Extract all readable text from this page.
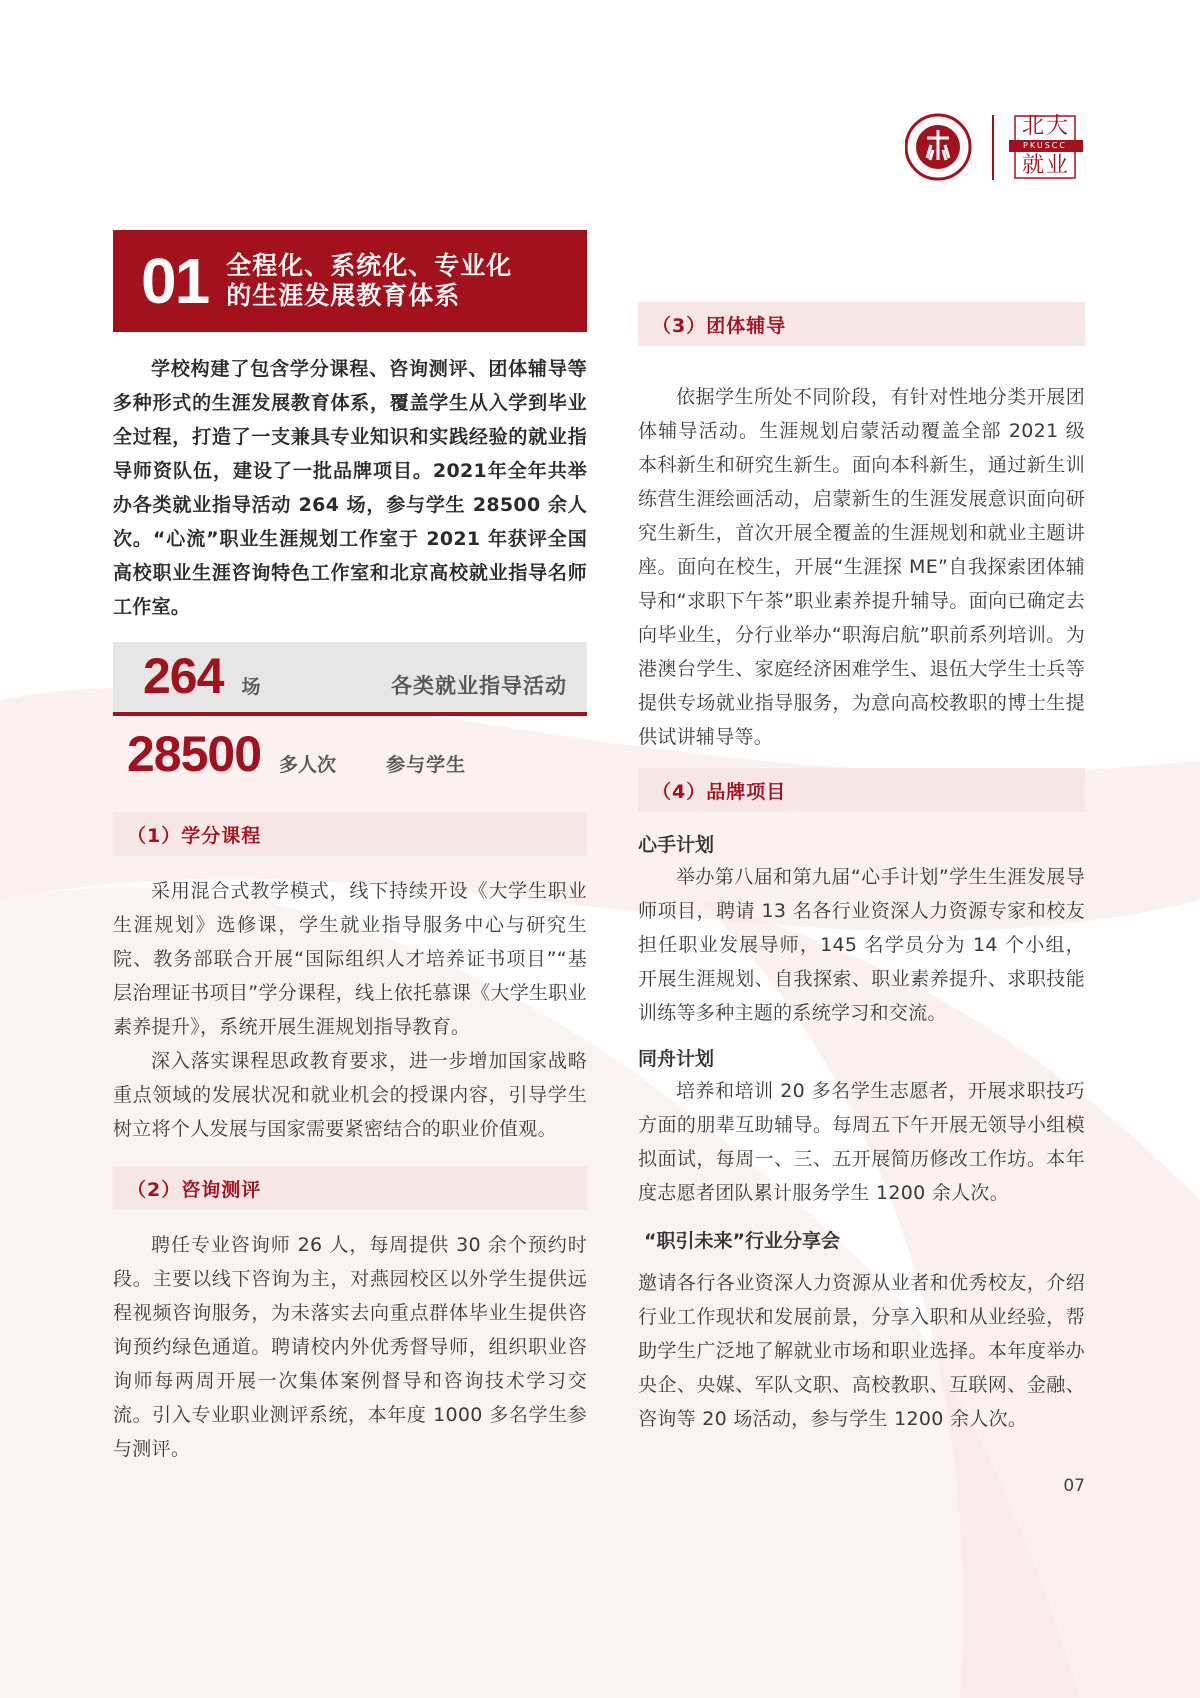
北大
PKUSCC
就业
01 全程化、系统化、专业化
的生涯发展教育体系

学校构建了包含学分课程、咨询测评、团体辅导等多种形式的生涯发展教育体系，覆盖学生从入学到毕业全过程，打造了一支兼具专业知识和实践经验的就业指导师资队伍，建设了一批品牌项目。2021年全年共举办各类就业指导活动 264 场，参与学生 28500 余人次。“心流”职业生涯规划工作室于 2021 年获评全国高校职业生涯咨询特色工作室和北京高校就业指导名师工作室。

264 场	各类就业指导活动
28500 多人次	参与学生
（1）学分课程

采用混合式教学模式，线下持续开设《大学生职业生涯规划》选修课，学生就业指导服务中心与研究生院、教务部联合开展“国际组织人才培养证书项目”“基层治理证书项目”学分课程，线上依托慕课《大学生职业素养提升》，系统开展生涯规划指导教育。

深入落实课程思政教育要求，进一步增加国家战略重点领域的发展状况和就业机会的授课内容，引导学生树立将个人发展与国家需要紧密结合的职业价值观。

（2）咨询测评

聘任专业咨询师 26 人，每周提供 30 余个预约时段。主要以线下咨询为主，对燕园校区以外学生提供远程视频咨询服务，为未落实去向重点群体毕业生提供咨询预约绿色通道。聘请校内外优秀督导师，组织职业咨询师每两周开展一次集体案例督导和咨询技术学习交流。引入专业职业测评系统，本年度 1000 多名学生参与测评。

（3）团体辅导

依据学生所处不同阶段，有针对性地分类开展团体辅导活动。生涯规划启蒙活动覆盖全部 2021 级本科新生和研究生新生。面向本科新生，通过新生训练营生涯绘画活动，启蒙新生的生涯发展意识面向研究生新生，首次开展全覆盖的生涯规划和就业主题讲座。面向在校生，开展“生涯探 ME”自我探索团体辅导和“求职下午茶”职业素养提升辅导。面向已确定去向毕业生，分行业举办“职海启航”职前系列培训。为港澳台学生、家庭经济困难学生、退伍大学生士兵等提供专场就业指导服务，为意向高校教职的博士生提供试讲辅导等。

（4）品牌项目
心手计划

举办第八届和第九届“心手计划”学生生涯发展导师项目，聘请 13 名各行业资深人力资源专家和校友担任职业发展导师，145 名学员分为 14 个小组，开展生涯规划、自我探索、职业素养提升、求职技能训练等多种主题的系统学习和交流。

同舟计划

培养和培训 20 多名学生志愿者，开展求职技巧方面的朋辈互助辅导。每周五下午开展无领导小组模拟面试，每周一、三、五开展简历修改工作坊。本年度志愿者团队累计服务学生 1200 余人次。

“职引未来”行业分享会

邀请各行各业资深人力资源从业者和优秀校友，介绍行业工作现状和发展前景，分享入职和从业经验，帮助学生广泛地了解就业市场和职业选择。本年度举办央企、央媒、军队文职、高校教职、互联网、金融、咨询等 20 场活动，参与学生 1200 余人次。

07
